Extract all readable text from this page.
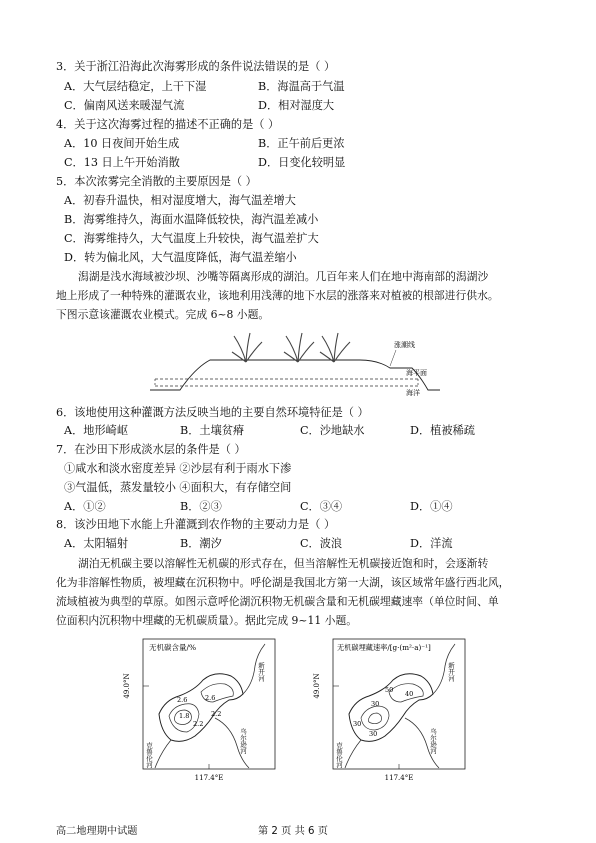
3．关于浙江沿海此次海雾形成的条件说法错误的是（ ）
A．大气层结稳定，上干下湿	B．海温高于气温
C．偏南风送来暖湿气流	D．相对湿度大
4．关于这次海雾过程的描述不正确的是（ ）
A．10 日夜间开始生成	B．正午前后更浓
C．13 日上午开始消散	D．日变化较明显
5．本次浓雾完全消散的主要原因是（ ）
A．初春升温快，相对湿度增大，海气温差增大
B．海雾维持久，海面水温降低较快，海汽温差减小
C．海雾维持久，大气温度上升较快，海气温差扩大
D．转为偏北风，大气温度降低，海气温差缩小
潟湖是浅水海域被沙坝、沙嘴等隔离形成的湖泊。几百年来人们在地中海南部的潟湖沙
地上形成了一种特殊的灌溉农业，该地利用浅薄的地下水层的涨落来对植被的根部进行供水。
下图示意该灌溉农业模式。完成 6~8 小题。
涨潮线
海平面
海洋
6．该地使用这种灌溉方法反映当地的主要自然环境特征是（ ）
A．地形崎岖	B．土壤贫瘠	C．沙地缺水	D．植被稀疏
7．在沙田下形成淡水层的条件是（ ）
①咸水和淡水密度差异 ②沙层有利于雨水下渗
③气温低，蒸发量较小 ④面积大，有存储空间
A．①②	B．②③	C．③④	D．①④
8．该沙田地下水能上升灌溉到农作物的主要动力是（ ）
A．太阳辐射	B．潮汐	C．波浪	D．洋流
湖泊无机碳主要以溶解性无机碳的形式存在，但当溶解性无机碳接近饱和时，会逐渐转
化为非溶解性物质，被埋藏在沉积物中。呼伦湖是我国北方第一大湖，该区域常年盛行西北风，
流域植被为典型的草原。如图示意呼伦湖沉积物无机碳含量和无机碳埋藏速率（单位时间、单
位面积内沉积物中埋藏的无机碳质量）。据此完成 9~11 小题。
无机碳含量/%
1.8
2.2
2.6
2.2
2.6
新开河
乌尔逊河
克鲁伦河
49.0°N
117.4°E
无机碳埋藏速率/[g·(m²·a)⁻¹]
50 40
30
30
30
新开河
乌尔逊河
克鲁伦河
49.0°N
117.4°E
高二地理期中试题	第 2 页 共 6 页
